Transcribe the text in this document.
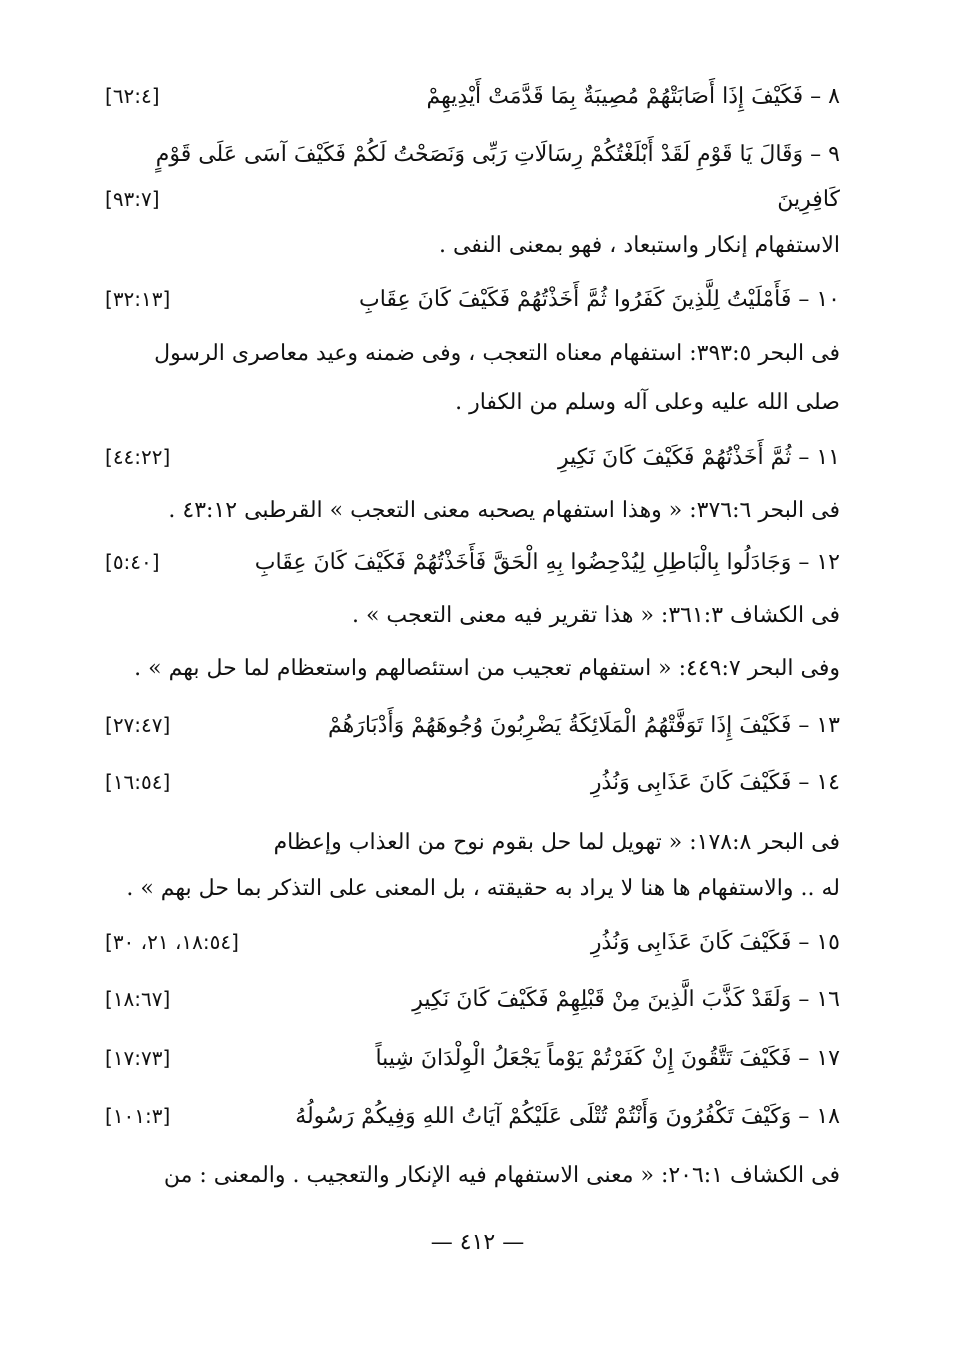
٨ – فَكَيْفَ إِذَا أَصَابَتْهُمْ مُصِيبَةٌ بِمَا قَدَّمَتْ أَيْدِيهِمْ
[٦٢:٤]
٩ – وَقَالَ يَا قَوْمِ لَقَدْ أَبْلَغْتُكُمْ رِسَالَاتِ رَبِّى وَنَصَحْتُ لَكُمْ فَكَيْفَ آسَى عَلَى قَوْمٍ
كَافِرِينَ
[٩٣:٧]
الاستفهام إنكار واستبعاد ، فهو بمعنى النفى .
١٠ – فَأَمْلَيْتُ لِلَّذِينَ كَفَرُوا ثُمَّ أَخَذْتُهُمْ فَكَيْفَ كَانَ عِقَابِ
[٣٢:١٣]
فى البحر ٣٩٣:٥: استفهام معناه التعجب ، وفى ضمنه وعيد معاصرى الرسول
صلى الله عليه وعلى آله وسلم من الكفار .
١١ – ثُمَّ أَخَذْتُهُمْ فَكَيْفَ كَانَ نَكِيرِ
[٤٤:٢٢]
فى البحر ٣٧٦:٦: « وهذا استفهام يصحبه معنى التعجب » القرطبى ٤٣:١٢ .
١٢ – وَجَادَلُوا بِالْبَاطِلِ لِيُدْحِضُوا بِهِ الْحَقَّ فَأَخَذْتُهُمْ فَكَيْفَ كَانَ عِقَابِ
[٥:٤٠]
فى الكشاف ٣٦١:٣: « هذا تقرير فيه معنى التعجب » .
وفى البحر ٤٤٩:٧: « استفهام تعجيب من استئصالهم واستعظام لما حل بهم » .
١٣ – فَكَيْفَ إِذَا تَوَفَّتْهُمُ الْمَلَائِكَةُ يَضْرِبُونَ وُجُوهَهُمْ وَأَدْبَارَهُمْ
[٢٧:٤٧]
١٤ – فَكَيْفَ كَانَ عَذَابِى وَنُذُرِ
[١٦:٥٤]
فى البحر ١٧٨:٨: « تهويل لما حل بقوم نوح من العذاب وإعظام
له .. والاستفهام ها هنا لا يراد به حقيقته ، بل المعنى على التذكر بما حل بهم » .
١٥ – فَكَيْفَ كَانَ عَذَابِى وَنُذُرِ
[١٨:٥٤، ٢١، ٣٠]
١٦ – وَلَقَدْ كَذَّبَ الَّذِينَ مِنْ قَبْلِهِمْ فَكَيْفَ كَانَ نَكِيرِ
[١٨:٦٧]
١٧ – فَكَيْفَ تَتَّقُونَ إِنْ كَفَرْتُمْ يَوْماً يَجْعَلُ الْوِلْدَانَ شِيباً
[١٧:٧٣]
١٨ – وَكَيْفَ تَكْفُرُونَ وَأَنْتُمْ تُتْلَى عَلَيْكُمْ آيَاتُ اللهِ وَفِيكُمْ رَسُولُهُ
[١٠١:٣]
فى الكشاف ٢٠٦:١: « معنى الاستفهام فيه الإنكار والتعجيب . والمعنى : من
— ٤١٢ —
